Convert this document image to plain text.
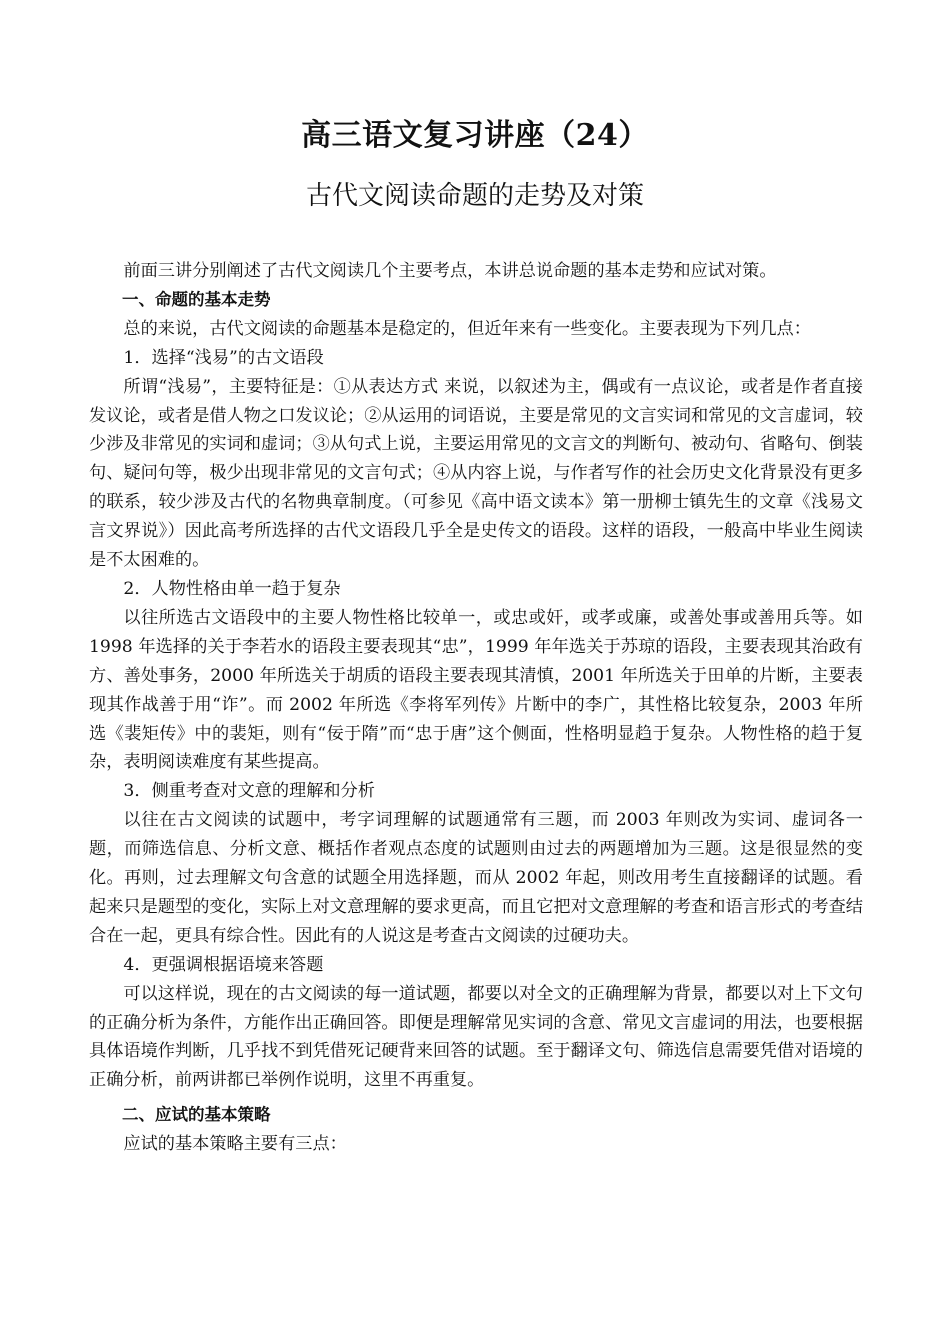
高三语文复习讲座（24）
古代文阅读命题的走势及对策

前面三讲分别阐述了古代文阅读几个主要考点，本讲总说命题的基本走势和应试对策。

一、命题的基本走势

总的来说，古代文阅读的命题基本是稳定的，但近年来有一些变化。主要表现为下列几点：

1．选择“浅易”的古文语段

所谓“浅易”，主要特征是：①从表达方式 来说，以叙述为主，偶或有一点议论，或者是作者直接发议论，或者是借人物之口发议论；②从运用的词语说，主要是常见的文言实词和常见的文言虚词，较少涉及非常见的实词和虚词；③从句式上说，主要运用常见的文言文的判断句、被动句、省略句、倒装句、疑问句等，极少出现非常见的文言句式；④从内容上说，与作者写作的社会历史文化背景没有更多的联系，较少涉及古代的名物典章制度。（可参见《高中语文读本》第一册柳士镇先生的文章《浅易文言文界说》）因此高考所选择的古代文语段几乎全是史传文的语段。这样的语段，一般高中毕业生阅读是不太困难的。

2．人物性格由单一趋于复杂

以往所选古文语段中的主要人物性格比较单一，或忠或奸，或孝或廉，或善处事或善用兵等。如 1998 年选择的关于李若水的语段主要表现其“忠”，1999 年年选关于苏琼的语段，主要表现其治政有方、善处事务，2000 年所选关于胡质的语段主要表现其清慎，2001 年所选关于田单的片断，主要表现其作战善于用“诈”。而 2002 年所选《李将军列传》片断中的李广，其性格比较复杂，2003 年所选《裴矩传》中的裴矩，则有“佞于隋”而“忠于唐”这个侧面，性格明显趋于复杂。人物性格的趋于复杂，表明阅读难度有某些提高。

3．侧重考查对文意的理解和分析

以往在古文阅读的试题中，考字词理解的试题通常有三题，而 2003 年则改为实词、虚词各一题，而筛选信息、分析文意、概括作者观点态度的试题则由过去的两题增加为三题。这是很显然的变化。再则，过去理解文句含意的试题全用选择题，而从 2002 年起，则改用考生直接翻译的试题。看起来只是题型的变化，实际上对文意理解的要求更高，而且它把对文意理解的考查和语言形式的考查结合在一起，更具有综合性。因此有的人说这是考查古文阅读的过硬功夫。

4．更强调根据语境来答题

可以这样说，现在的古文阅读的每一道试题，都要以对全文的正确理解为背景，都要以对上下文句的正确分析为条件，方能作出正确回答。即便是理解常见实词的含意、常见文言虚词的用法，也要根据具体语境作判断，几乎找不到凭借死记硬背来回答的试题。至于翻译文句、筛选信息需要凭借对语境的正确分析，前两讲都已举例作说明，这里不再重复。

二、应试的基本策略

应试的基本策略主要有三点：
